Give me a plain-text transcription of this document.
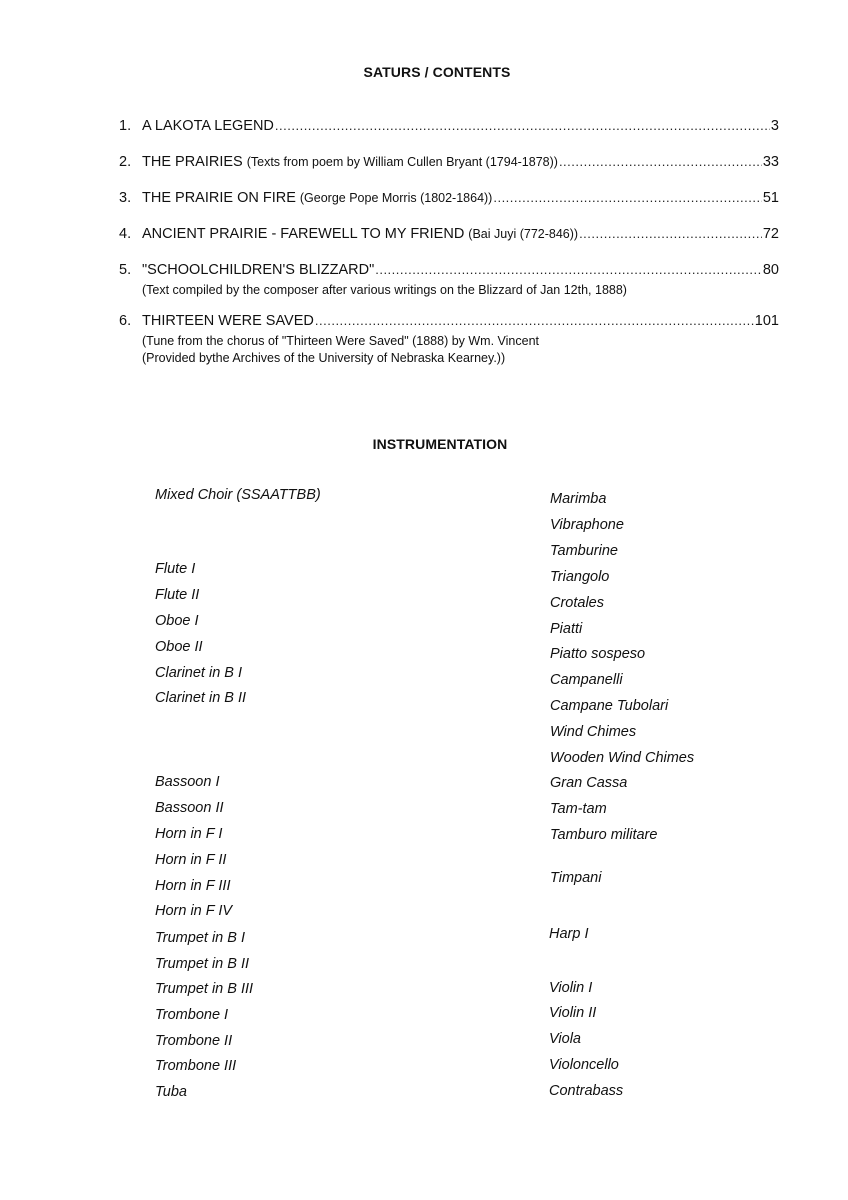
SATURS / CONTENTS
1. A LAKOTA LEGEND .....	3
2. THE PRAIRIES (Texts from poem by William Cullen Bryant (1794-1878)) .....	33
3. THE PRAIRIE ON FIRE (George Pope Morris (1802-1864)) .....	51
4. ANCIENT PRAIRIE - FAREWELL TO MY FRIEND (Bai Juyi (772-846)) .....	72
5. "SCHOOLCHILDREN'S BLIZZARD" .....	80
(Text compiled by the composer after various writings on the Blizzard of Jan 12th, 1888)
6. THIRTEEN WERE SAVED .....	101
(Tune from the chorus of "Thirteen Were Saved" (1888) by Wm. Vincent
(Provided bythe Archives of the University of Nebraska Kearney.))
INSTRUMENTATION
Mixed Choir (SSAATTBB)
Flute I
Flute II
Oboe I
Oboe II
Clarinet in B I
Clarinet in B II
Bassoon I
Bassoon II
Horn in F I
Horn in F II
Horn in F III
Horn in F IV
Trumpet in B I
Trumpet in B II
Trumpet in B III
Trombone I
Trombone II
Trombone III
Tuba
Marimba
Vibraphone
Tamburine
Triangolo
Crotales
Piatti
Piatto sospeso
Campanelli
Campane Tubolari
Wind Chimes
Wooden Wind Chimes
Gran Cassa
Tam-tam
Tamburo militare
Timpani
Harp I
Violin I
Violin II
Viola
Violoncello
Contrabass
